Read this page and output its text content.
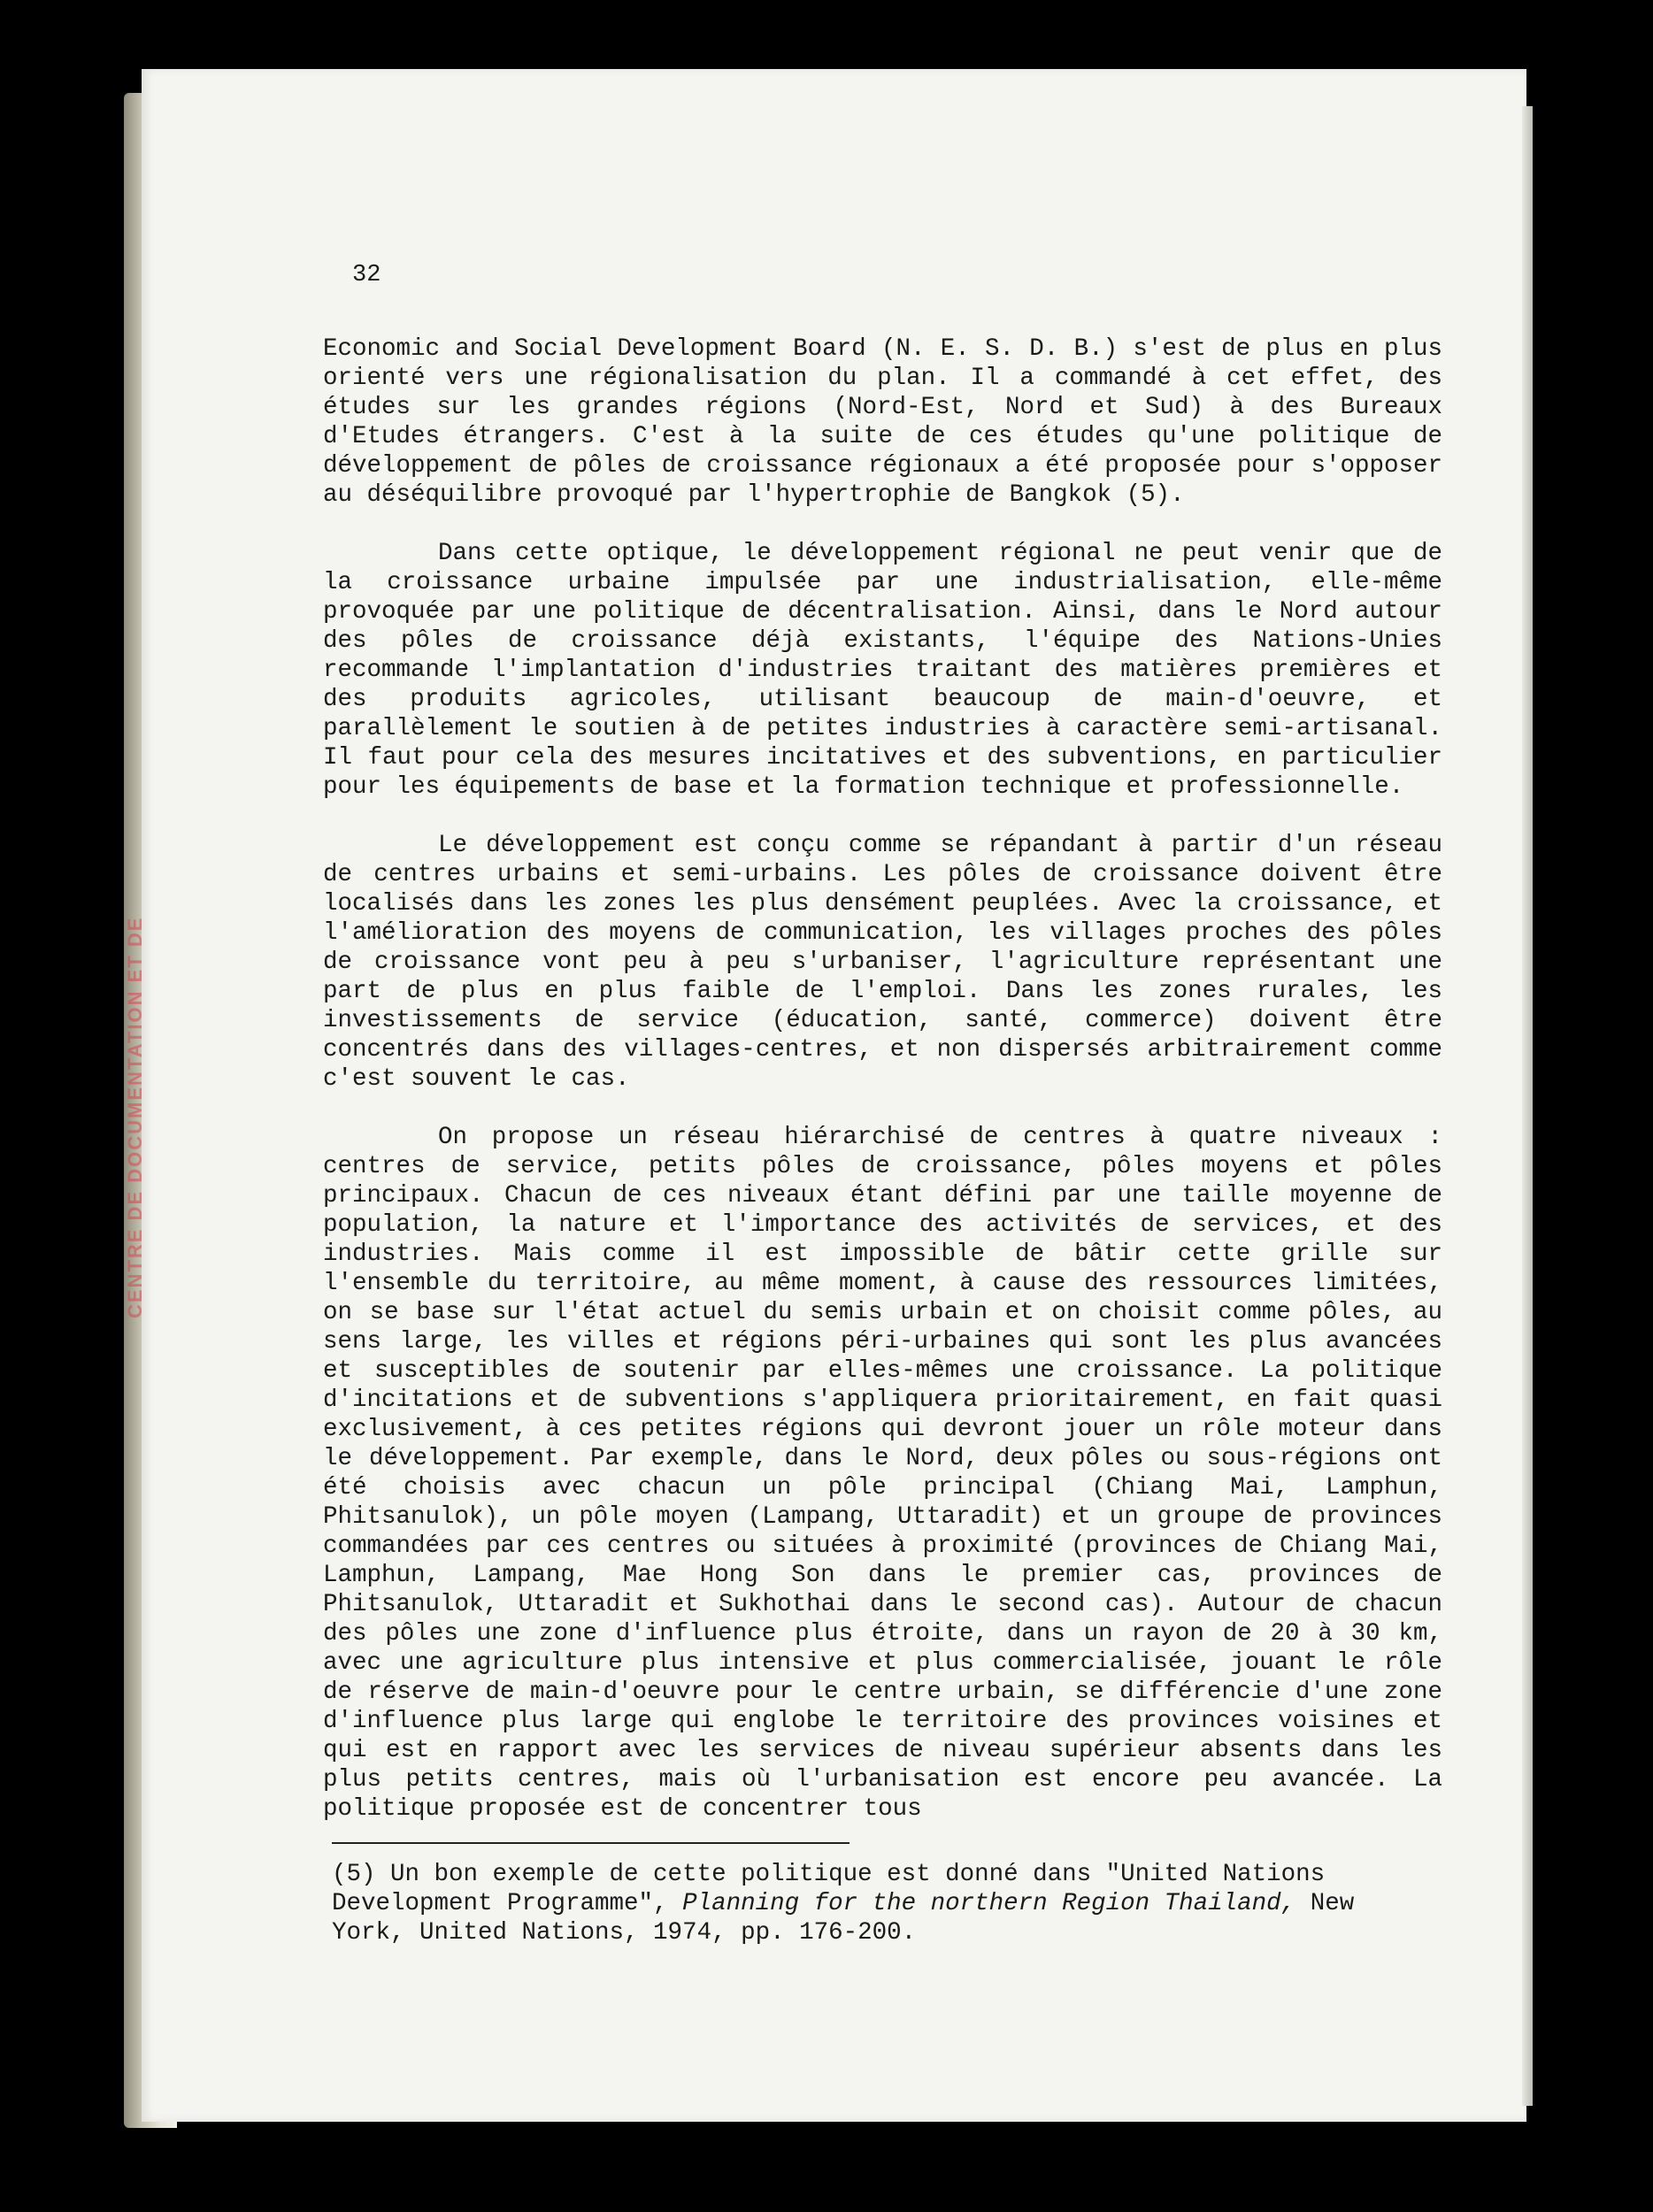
CENTRE DE DOCUMENTATION ET DE
32

Economic and Social Development Board (N. E. S. D. B.) s'est de plus en plus orienté vers une régionalisation du plan. Il a commandé à cet effet, des études sur les grandes régions (Nord-Est, Nord et Sud) à des Bureaux d'Etudes étrangers. C'est à la suite de ces études qu'une politique de développement de pôles de croissance régionaux a été proposée pour s'opposer au déséquilibre provoqué par l'hypertrophie de Bangkok (5).

Dans cette optique, le développement régional ne peut venir que de la croissance urbaine impulsée par une industrialisation, elle-même provoquée par une politique de décentralisation. Ainsi, dans le Nord autour des pôles de croissance déjà existants, l'équipe des Nations-Unies recommande l'implantation d'industries traitant des matières premières et des produits agricoles, utilisant beaucoup de main-d'oeuvre, et parallèlement le soutien à de petites industries à caractère semi-artisanal. Il faut pour cela des mesures incitatives et des subventions, en particulier pour les équipements de base et la formation technique et professionnelle.

Le développement est conçu comme se répandant à partir d'un réseau de centres urbains et semi-urbains. Les pôles de croissance doivent être localisés dans les zones les plus densément peuplées. Avec la croissance, et l'amélioration des moyens de communication, les villages proches des pôles de croissance vont peu à peu s'urbaniser, l'agriculture représentant une part de plus en plus faible de l'emploi. Dans les zones rurales, les investissements de service (éducation, santé, commerce) doivent être concentrés dans des villages-centres, et non dispersés arbitrairement comme c'est souvent le cas.

On propose un réseau hiérarchisé de centres à quatre niveaux : centres de service, petits pôles de croissance, pôles moyens et pôles principaux. Chacun de ces niveaux étant défini par une taille moyenne de population, la nature et l'importance des activités de services, et des industries. Mais comme il est impossible de bâtir cette grille sur l'ensemble du territoire, au même moment, à cause des ressources limitées, on se base sur l'état actuel du semis urbain et on choisit comme pôles, au sens large, les villes et régions péri-urbaines qui sont les plus avancées et susceptibles de soutenir par elles-mêmes une croissance. La politique d'incitations et de subventions s'appliquera prioritairement, en fait quasi exclusivement, à ces petites régions qui devront jouer un rôle moteur dans le développement. Par exemple, dans le Nord, deux pôles ou sous-régions ont été choisis avec chacun un pôle principal (Chiang Mai, Lamphun, Phitsanulok), un pôle moyen (Lampang, Uttaradit) et un groupe de provinces commandées par ces centres ou situées à proximité (provinces de Chiang Mai, Lamphun, Lampang, Mae Hong Son dans le premier cas, provinces de Phitsanulok, Uttaradit et Sukhothai dans le second cas). Autour de chacun des pôles une zone d'influence plus étroite, dans un rayon de 20 à 30 km, avec une agriculture plus intensive et plus commercialisée, jouant le rôle de réserve de main-d'oeuvre pour le centre urbain, se différencie d'une zone d'influence plus large qui englobe le territoire des provinces voisines et qui est en rapport avec les services de niveau supérieur absents dans les plus petits centres, mais où l'urbanisation est encore peu avancée. La politique proposée est de concentrer tous

(5) Un bon exemple de cette politique est donné dans "United Nations Development Programme", Planning for the northern Region Thailand, New York, United Nations, 1974, pp. 176-200.
